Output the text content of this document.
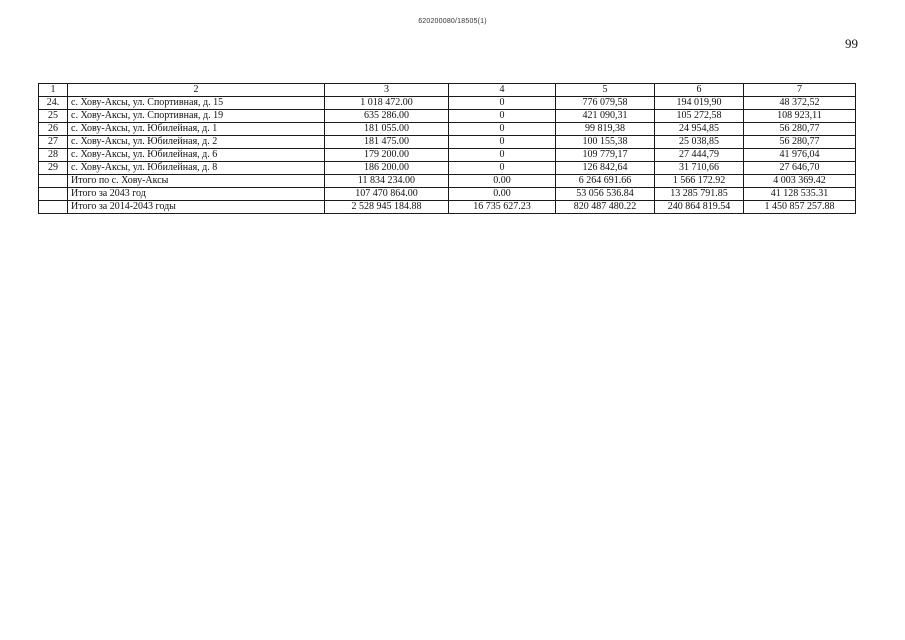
620200080/18505(1)
99
1	2	3	4	5	6	7
24.	с. Хову-Аксы, ул. Спортивная, д. 15	1 018 472.00	0	776 079,58	194 019,90	48 372,52
25	с. Хову-Аксы, ул. Спортивная, д. 19	635 286.00	0	421 090,31	105 272,58	108 923,11
26	с. Хову-Аксы, ул. Юбилейная, д. 1	181 055.00	0	99 819,38	24 954,85	56 280,77
27	с. Хову-Аксы, ул. Юбилейная, д. 2	181 475.00	0	100 155,38	25 038,85	56 280,77
28	с. Хову-Аксы, ул. Юбилейная, д. 6	179 200.00	0	109 779,17	27 444,79	41 976,04
29	с. Хову-Аксы, ул. Юбилейная, д. 8	186 200.00	0	126 842,64	31 710,66	27 646,70
	Итого по с. Хову-Аксы	11 834 234.00	0.00	6 264 691.66	1 566 172.92	4 003 369.42
	Итого за 2043 год	107 470 864.00	0.00	53 056 536.84	13 285 791.85	41 128 535.31
	Итого за 2014-2043 годы	2 528 945 184.88	16 735 627.23	820 487 480.22	240 864 819.54	1 450 857 257.88
